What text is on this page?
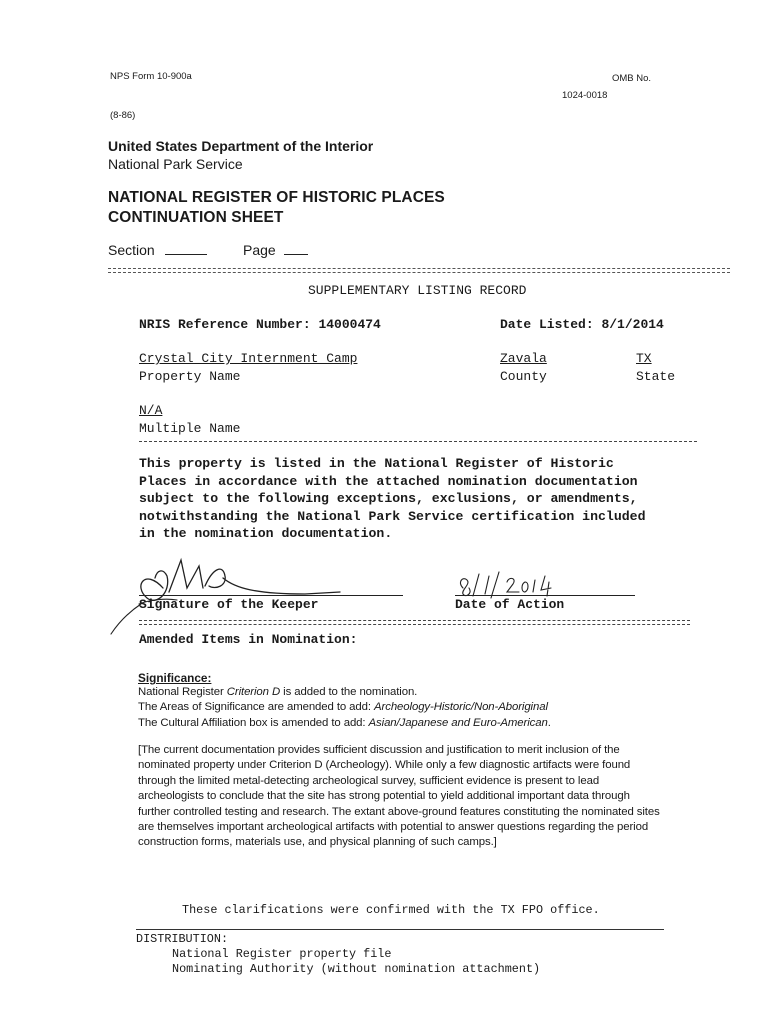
NPS Form 10-900a	OMB No.
1024-0018
(8-86)
United States Department of the Interior
National Park Service
NATIONAL REGISTER OF HISTORIC PLACES
CONTINUATION SHEET
Section	Page
SUPPLEMENTARY LISTING RECORD
NRIS Reference Number: 14000474	Date Listed: 8/1/2014
Crystal City Internment Camp
Property Name
Zavala
County
TX
State
N/A
Multiple Name
This property is listed in the National Register of Historic
Places in accordance with the attached nomination documentation
subject to the following exceptions, exclusions, or amendments,
notwithstanding the National Park Service certification included
in the nomination documentation.
Signature of the Keeper	Date of Action
Amended Items in Nomination:
Significance:
National Register Criterion D is added to the nomination.
The Areas of Significance are amended to add: Archeology-Historic/Non-Aboriginal
The Cultural Affiliation box is amended to add: Asian/Japanese and Euro-American.
[The current documentation provides sufficient discussion and justification to merit inclusion of the
nominated property under Criterion D (Archeology). While only a few diagnostic artifacts were found
through the limited metal-detecting archeological survey, sufficient evidence is present to lead
archeologists to conclude that the site has strong potential to yield additional important data through
further controlled testing and research. The extant above-ground features constituting the nominated sites
are themselves important archeological artifacts with potential to answer questions regarding the period
construction forms, materials use, and physical planning of such camps.]
These clarifications were confirmed with the TX FPO office.
DISTRIBUTION:
National Register property file
Nominating Authority (without nomination attachment)
